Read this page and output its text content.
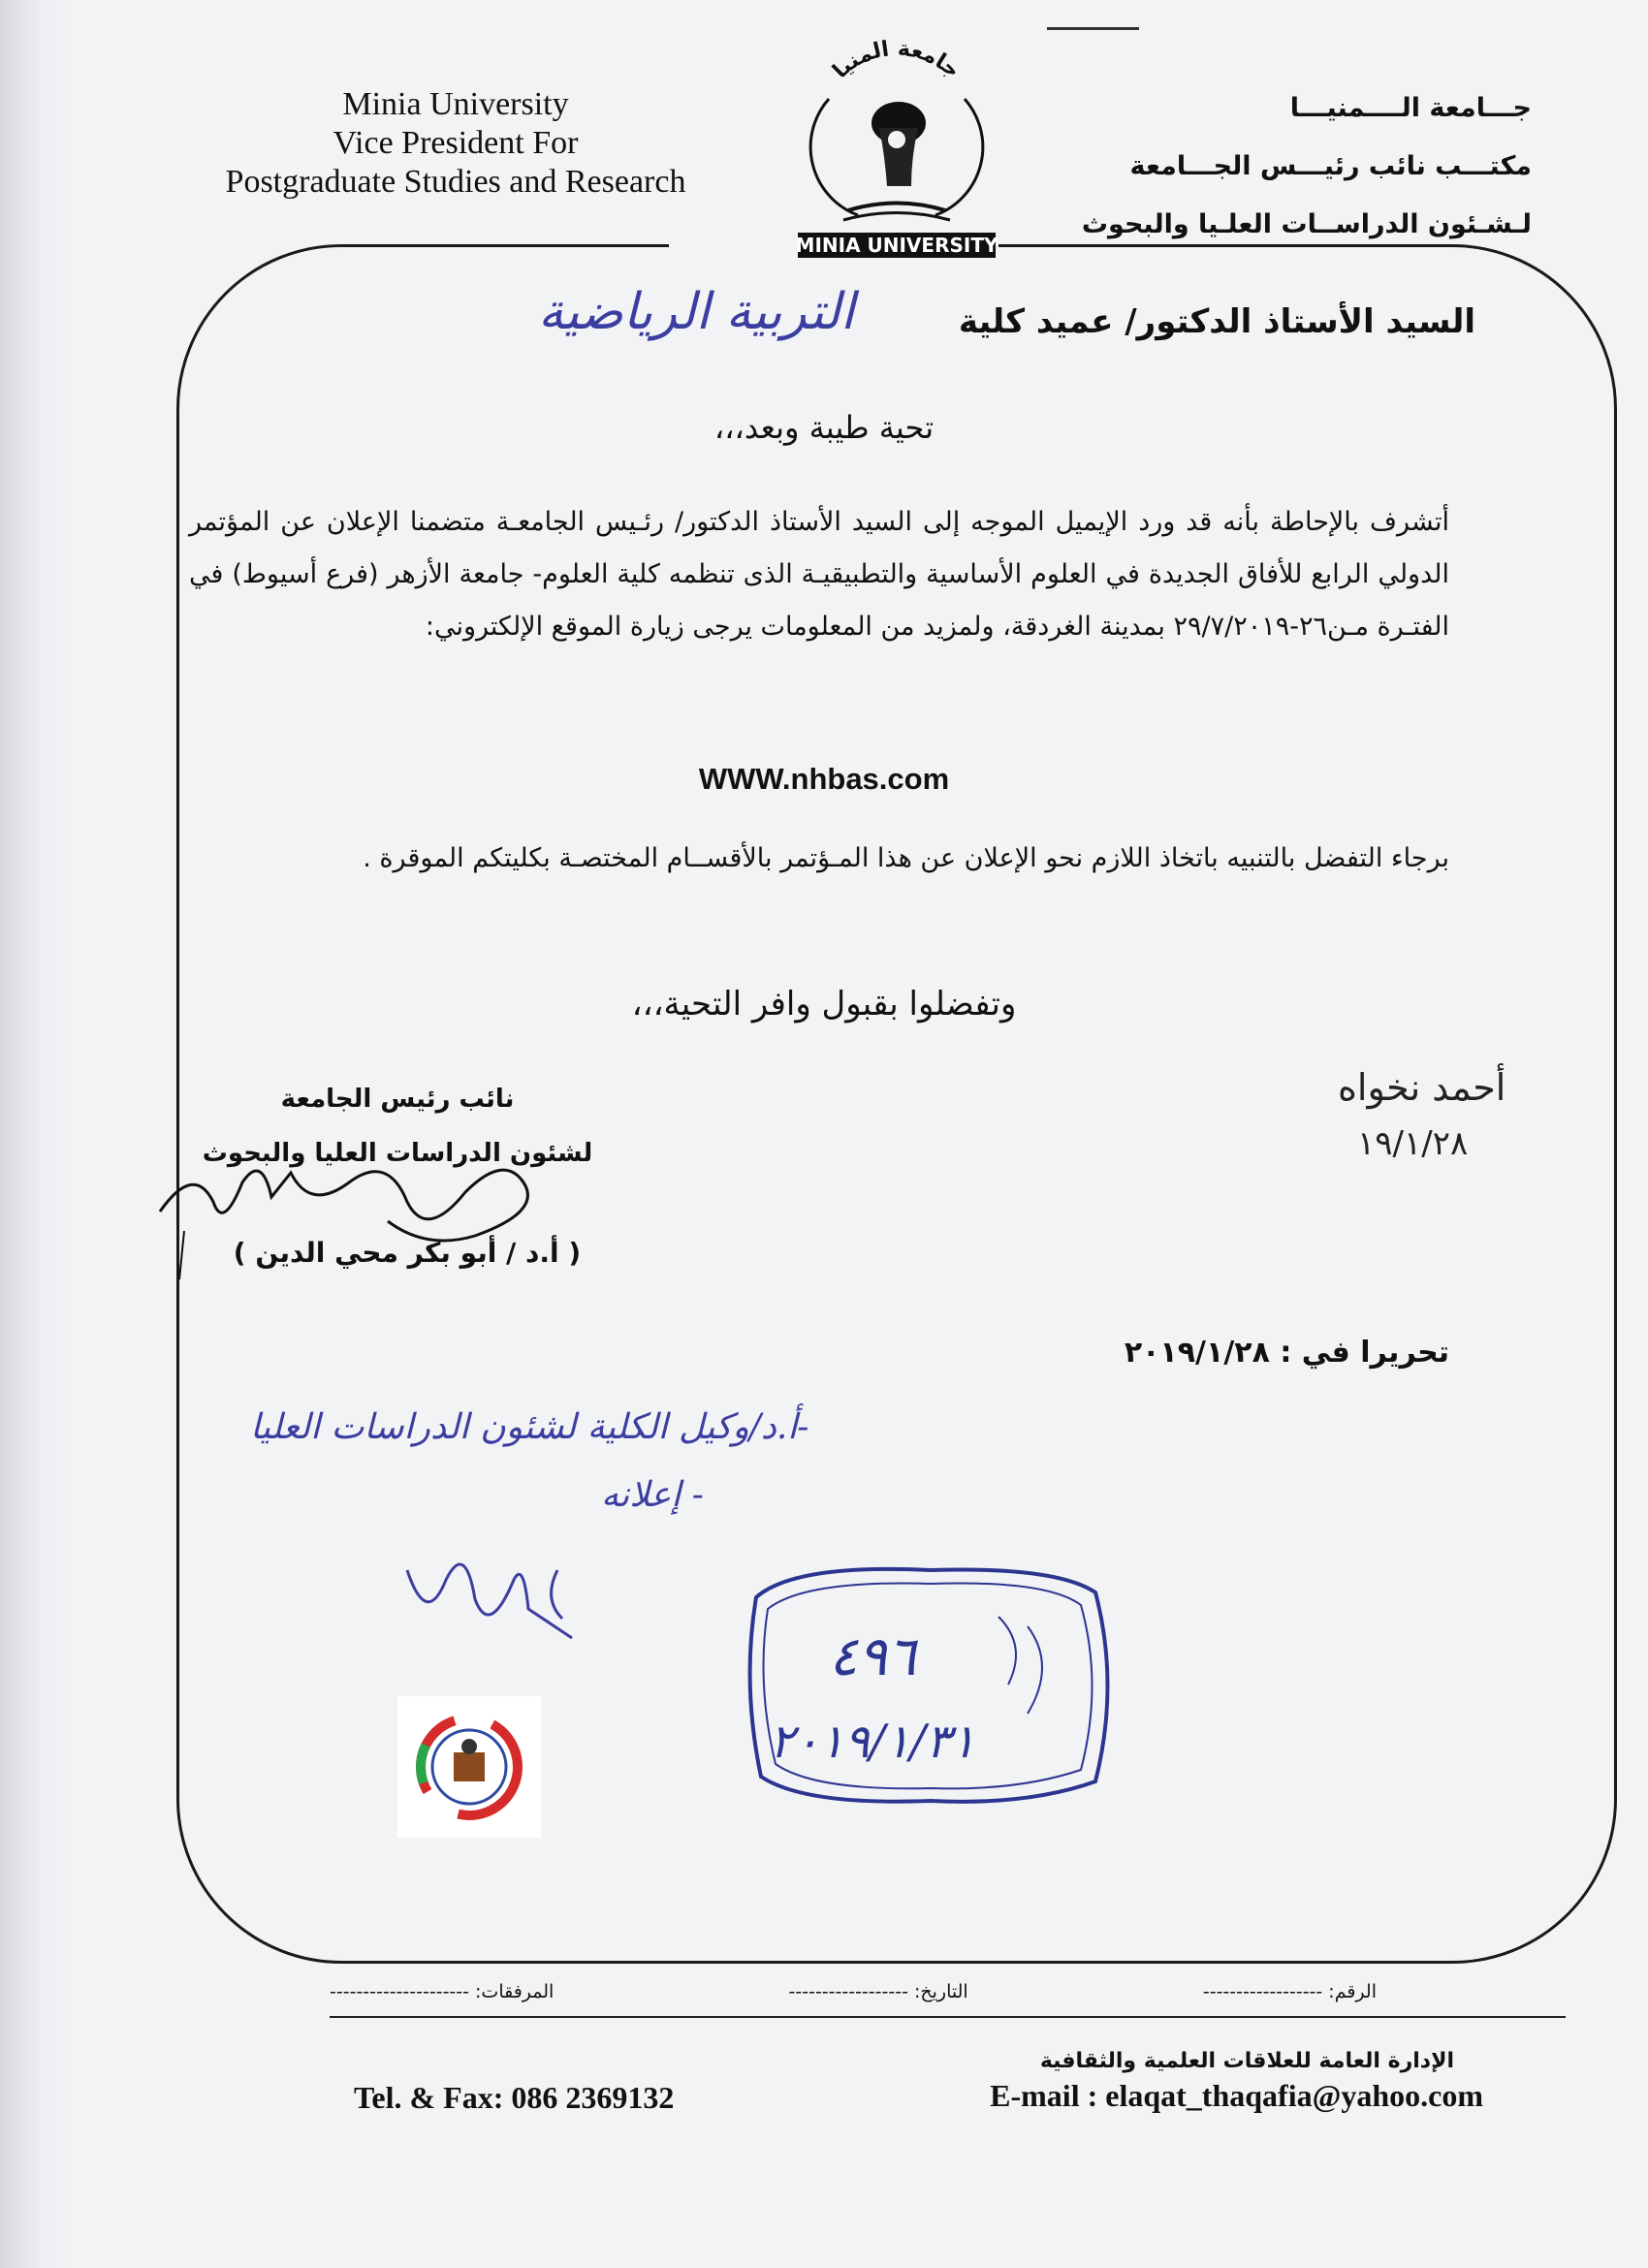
Minia University
Vice President For
Postgraduate Studies and Research
جـــامعة الــــمنيـــا
مكتـــب نائب رئيـــس الجـــامعة
لـشـئون الدراســات العلـيا والبحوث
جامعة المنيا
MINIA UNIVERSITY
السيد الأستاذ الدكتور/ عميد كلية
التربية الرياضية
تحية طيبة وبعد،،،
أتشرف بالإحاطة بأنه قد ورد الإيميل الموجه إلى السيد الأستاذ الدكتور/ رئـيس الجامعـة متضمنا الإعلان عن المؤتمر الدولي الرابع للأفاق الجديدة في العلوم الأساسية والتطبيقيـة الذى تنظمه كلية العلوم- جامعة الأزهر (فرع أسيوط) في الفتـرة مـن٢٦-٢٩/٧/٢٠١٩ بمدينة الغردقة، ولمزيد من المعلومات يرجى زيارة الموقع الإلكتروني:
WWW.nhbas.com
برجاء التفضل بالتنبيه باتخاذ اللازم نحو الإعلان عن هذا المـؤتمر بالأقســام المختصـة بكليتكم الموقرة .
وتفضلوا بقبول وافر التحية،،،
نائب رئيس الجامعة
لشئون الدراسات العليا والبحوث
( أ.د / أبو بكر محي الدين )
أحمد نخواه
١٩/١/٢٨
تحريرا في : ٢٠١٩/١/٢٨
-أ.د/وكيل الكلية لشئون الدراسات العليا
- إعلانه
٤٩٦
٢٠١٩/١/٣١
الرقم: ------------------
التاريخ: ------------------
المرفقات: ---------------------
الإدارة العامة للعلاقات العلمية والثقافية
Tel. & Fax: 086 2369132	E-mail : elaqat_thaqafia@yahoo.com
